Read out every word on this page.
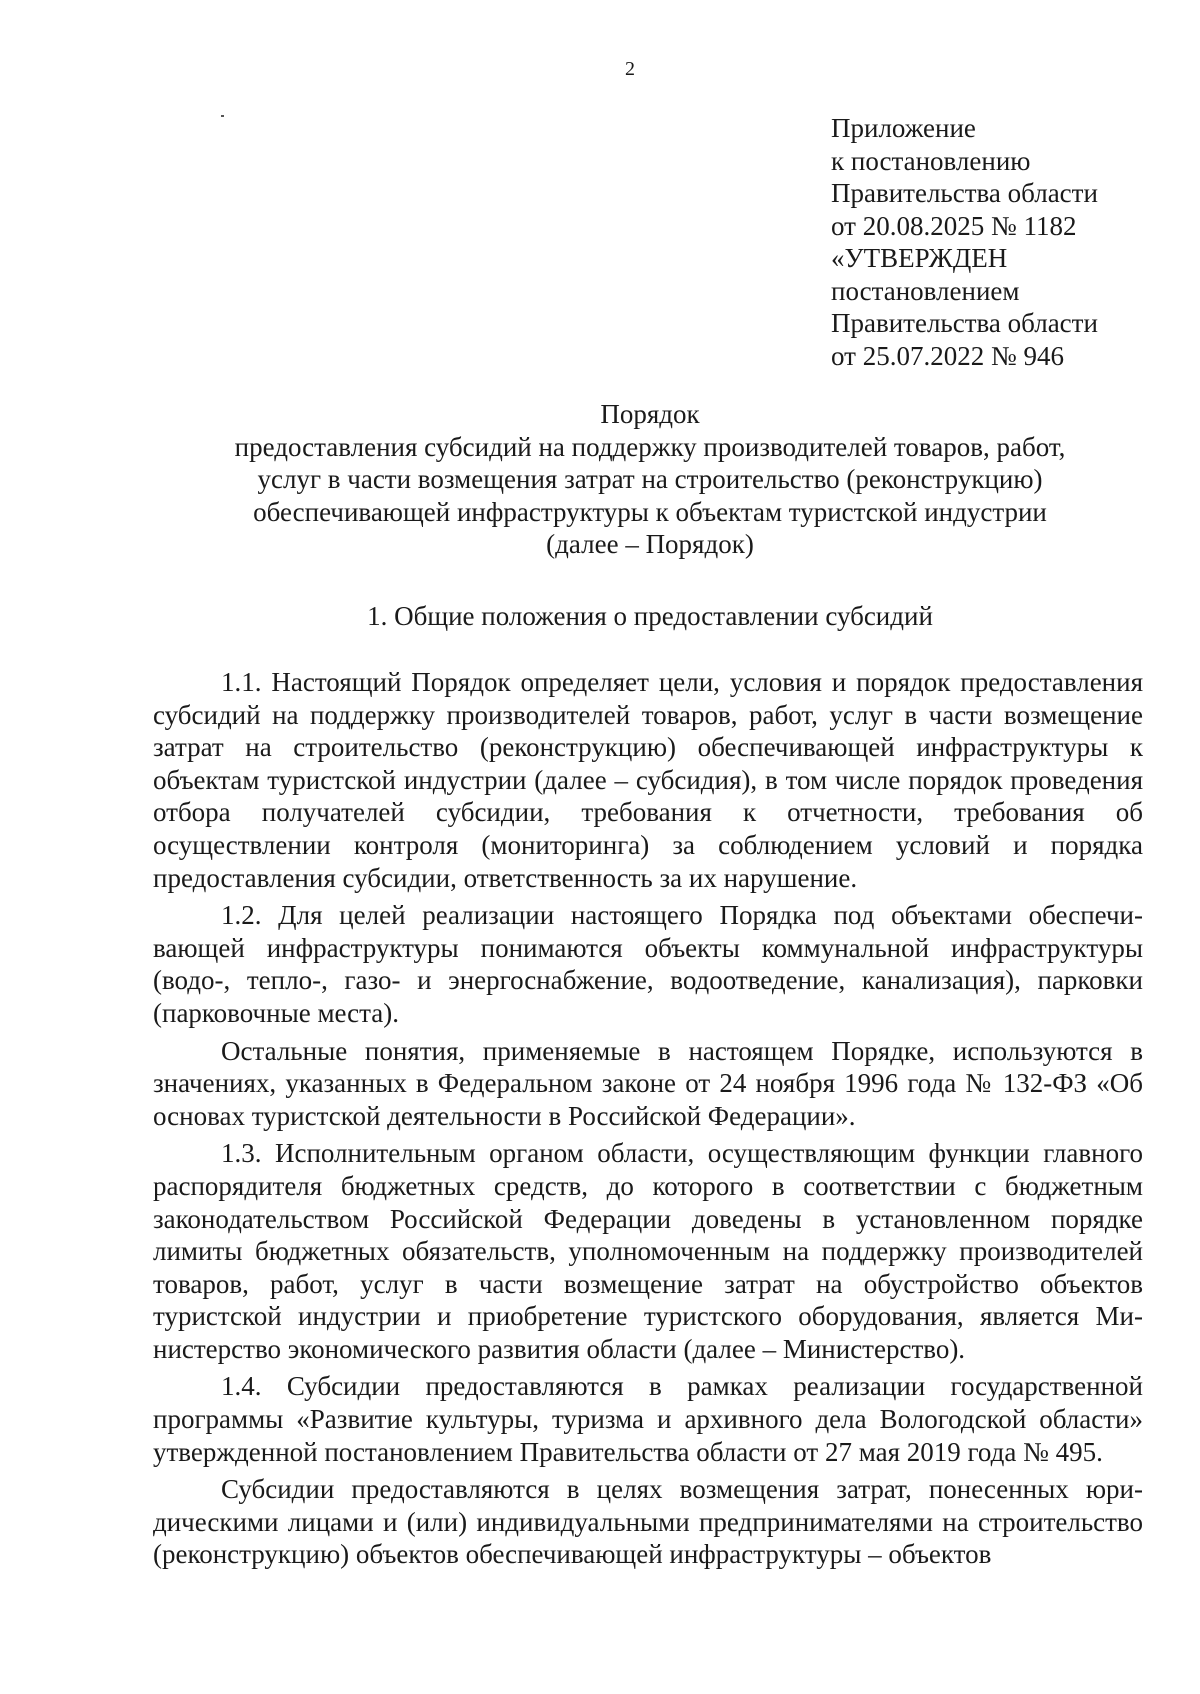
2
Приложение
к постановлению
Правительства области
от 20.08.2025 № 1182
«УТВЕРЖДЕН
постановлением
Правительства области
от 25.07.2022 № 946
Порядок
предоставления субсидий на поддержку производителей товаров, работ,
услуг в части возмещения затрат на строительство (реконструкцию)
обеспечивающей инфраструктуры к объектам туристской индустрии
(далее – Порядок)
1. Общие положения о предоставлении субсидий

1.1. Настоящий Порядок определяет цели, условия и порядок предоставления субсидий на поддержку производителей товаров, работ, услуг в части возмещение затрат на строительство (реконструкцию) обеспечивающей инфраструктуры к объектам туристской индустрии (далее – субсидия), в том числе порядок проведения отбора получателей субсидии, требования к отчетности, требования об осуществлении контроля (мониторинга) за соблюдением условий и порядка предоставления субсидии, ответственность за их нарушение.

1.2. Для целей реализации настоящего Порядка под объектами обеспечивающей инфраструктуры понимаются объекты коммунальной инфраструктуры (водо-, тепло-, газо- и энергоснабжение, водоотведение, канализация), парковки (парковочные места).

Остальные понятия, применяемые в настоящем Порядке, используются в значениях, указанных в Федеральном законе от 24 ноября 1996 года № 132-ФЗ «Об основах туристской деятельности в Российской Федерации».

1.3. Исполнительным органом области, осуществляющим функции главного распорядителя бюджетных средств, до которого в соответствии с бюджетным законодательством Российской Федерации доведены в установленном порядке лимиты бюджетных обязательств, уполномоченным на поддержку производителей товаров, работ, услуг в части возмещение затрат на обустройство объектов туристской индустрии и приобретение туристского оборудования, является Министерство экономического развития области (далее – Министерство).

1.4. Субсидии предоставляются в рамках реализации государственной программы «Развитие культуры, туризма и архивного дела Вологодской области» утвержденной постановлением Правительства области от 27 мая 2019 года № 495.

Субсидии предоставляются в целях возмещения затрат, понесенных юридическими лицами и (или) индивидуальными предпринимателями на строительство (реконструкцию) объектов обеспечивающей инфраструктуры – объектов
